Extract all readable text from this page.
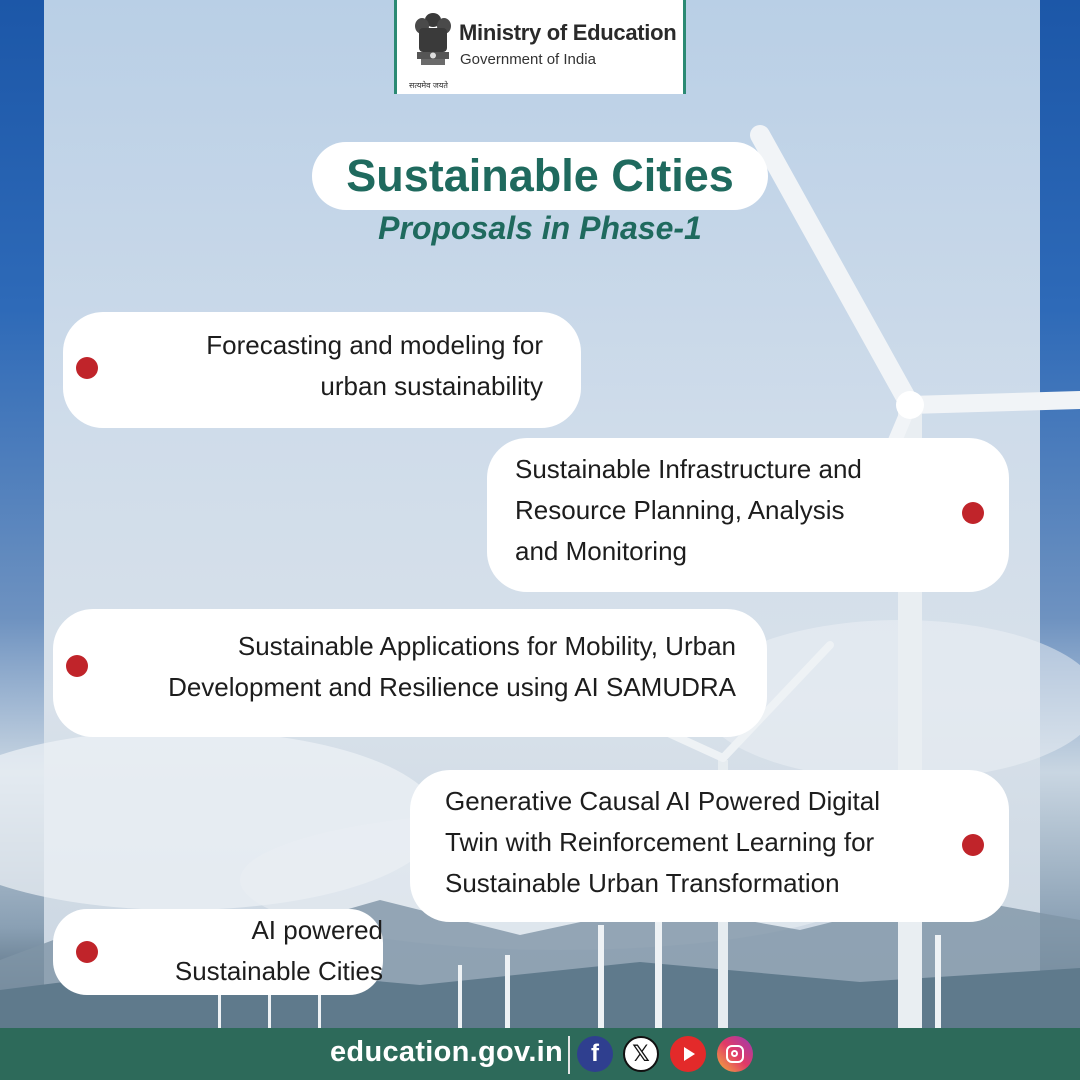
सत्यमेव जयते
Ministry of Education
Government of India
Sustainable Cities
Proposals in Phase-1
Forecasting and modeling for
urban sustainability
Sustainable Infrastructure and
Resource Planning, Analysis
and Monitoring
Sustainable Applications for Mobility, Urban
Development and Resilience using AI SAMUDRA
Generative Causal AI Powered Digital
Twin with Reinforcement Learning for
Sustainable Urban Transformation
AI powered
Sustainable Cities
education.gov.in	f	𝕏
